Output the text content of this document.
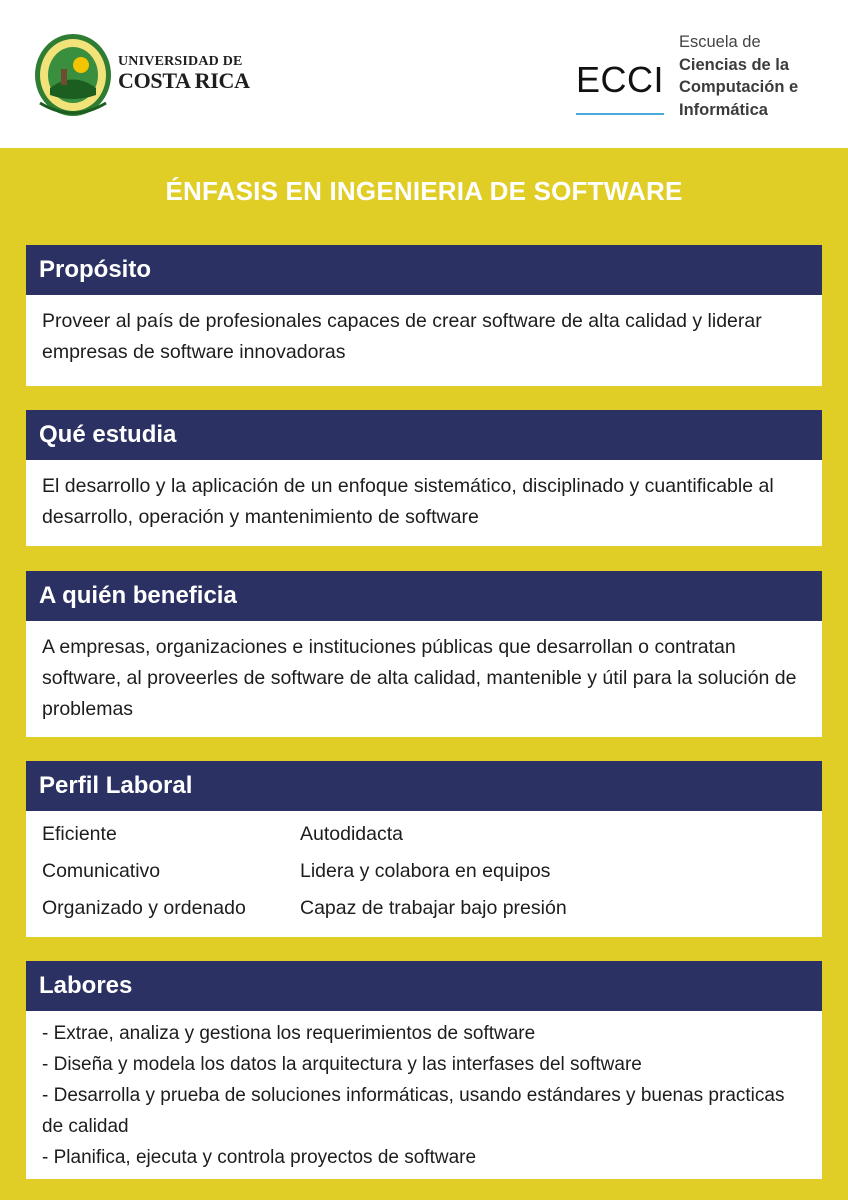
UNIVERSIDAD DE
COSTA RICA	ECCI
Escuela de
Ciencias de la
Computación e
Informática
ÉNFASIS EN INGENIERIA DE SOFTWARE
Propósito
Proveer al país de profesionales capaces de crear software de alta calidad y liderar empresas de software innovadoras
Qué estudia
El desarrollo y la aplicación de un enfoque sistemático, disciplinado y cuantificable al desarrollo, operación y mantenimiento de software
A quién beneficia
A empresas, organizaciones e instituciones públicas que desarrollan o contratan software, al proveerles de software de alta calidad, mantenible y útil para la solución de problemas
Perfil Laboral
Eficiente	Autodidacta
Comunicativo	Lidera y colabora en equipos
Organizado y ordenado	Capaz de trabajar bajo presión
Labores
- Extrae, analiza y gestiona los requerimientos de software
- Diseña y modela los datos la arquitectura y las interfases del software
- Desarrolla y prueba de soluciones informáticas, usando estándares y buenas practicas de calidad
- Planifica, ejecuta y controla proyectos de software
